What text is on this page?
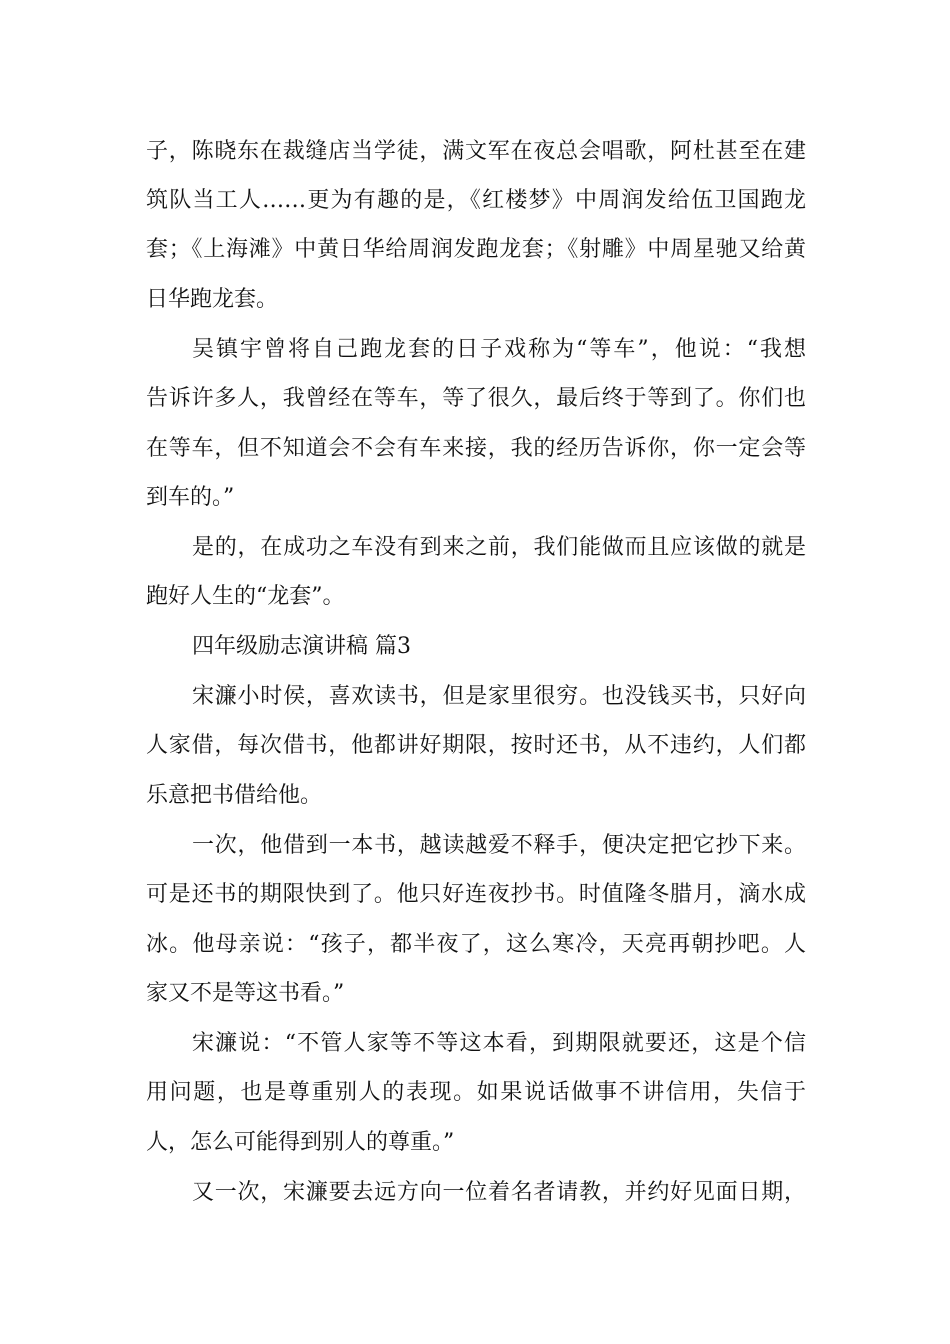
子，陈晓东在裁缝店当学徒，满文军在夜总会唱歌，阿杜甚至在建
筑队当工人……更为有趣的是，《红楼梦》中周润发给伍卫国跑龙
套；《上海滩》中黄日华给周润发跑龙套；《射雕》中周星驰又给黄
日华跑龙套。
吴镇宇曾将自己跑龙套的日子戏称为“等车”，他说：“我想
告诉许多人，我曾经在等车，等了很久，最后终于等到了。你们也
在等车，但不知道会不会有车来接，我的经历告诉你，你一定会等
到车的。”
是的，在成功之车没有到来之前，我们能做而且应该做的就是
跑好人生的“龙套”。
四年级励志演讲稿 篇3
宋濂小时侯，喜欢读书，但是家里很穷。也没钱买书，只好向
人家借，每次借书，他都讲好期限，按时还书，从不违约，人们都
乐意把书借给他。
一次，他借到一本书，越读越爱不释手，便决定把它抄下来。
可是还书的期限快到了。他只好连夜抄书。时值隆冬腊月，滴水成
冰。他母亲说：“孩子，都半夜了，这么寒冷，天亮再朝抄吧。人
家又不是等这书看。”
宋濂说：“不管人家等不等这本看，到期限就要还，这是个信
用问题，也是尊重别人的表现。如果说话做事不讲信用，失信于
人，怎么可能得到别人的尊重。”
又一次，宋濂要去远方向一位着名者请教，并约好见面日期，
